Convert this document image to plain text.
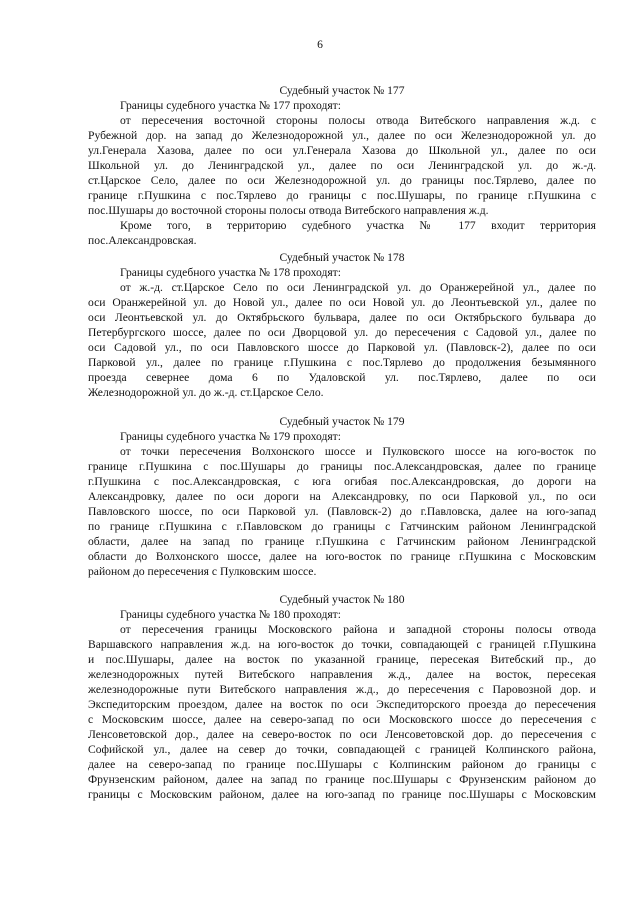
6
Судебный участок № 177
Границы судебного участка № 177 проходят:
от пересечения восточной стороны полосы отвода Витебского направления ж.д. с
Рубежной дор. на запад до Железнодорожной ул., далее по оси Железнодорожной ул. до
ул.Генерала Хазова, далее по оси ул.Генерала Хазова до Школьной ул., далее по оси
Школьной ул. до Ленинградской ул., далее по оси Ленинградской ул. до ж.-д.
ст.Царское Село, далее по оси Железнодорожной ул. до границы пос.Тярлево, далее по
границе г.Пушкина с пос.Тярлево до границы с пос.Шушары, по границе г.Пушкина с
пос.Шушары до восточной стороны полосы отвода Витебского направления ж.д.
Кроме того, в территорию судебного участка № 177 входит территория
пос.Александровская.
Судебный участок № 178
Границы судебного участка № 178 проходят:
от ж.-д. ст.Царское Село по оси Ленинградской ул. до Оранжерейной ул., далее по
оси Оранжерейной ул. до Новой ул., далее по оси Новой ул. до Леонтьевской ул., далее по
оси Леонтьевской ул. до Октябрьского бульвара, далее по оси Октябрьского бульвара до
Петербургского шоссе, далее по оси Дворцовой ул. до пересечения с Садовой ул., далее по
оси Садовой ул., по оси Павловского шоссе до Парковой ул. (Павловск-2), далее по оси
Парковой ул., далее по границе г.Пушкина с пос.Тярлево до продолжения безымянного
проезда севернее дома 6 по Удаловской ул. пос.Тярлево, далее по оси
Железнодорожной ул. до ж.-д. ст.Царское Село.
Судебный участок № 179
Границы судебного участка № 179 проходят:
от точки пересечения Волхонского шоссе и Пулковского шоссе на юго-восток по
границе г.Пушкина с пос.Шушары до границы пос.Александровская, далее по границе
г.Пушкина с пос.Александровская, с юга огибая пос.Александровская, до дороги на
Александровку, далее по оси дороги на Александровку, по оси Парковой ул., по оси
Павловского шоссе, по оси Парковой ул. (Павловск-2) до г.Павловска, далее на юго-запад
по границе г.Пушкина с г.Павловском до границы с Гатчинским районом Ленинградской
области, далее на запад по границе г.Пушкина с Гатчинским районом Ленинградской
области до Волхонского шоссе, далее на юго-восток по границе г.Пушкина с Московским
районом до пересечения с Пулковским шоссе.
Судебный участок № 180
Границы судебного участка № 180 проходят:
от пересечения границы Московского района и западной стороны полосы отвода
Варшавского направления ж.д. на юго-восток до точки, совпадающей с границей г.Пушкина
и пос.Шушары, далее на восток по указанной границе, пересекая Витебский пр., до
железнодорожных путей Витебского направления ж.д., далее на восток, пересекая
железнодорожные пути Витебского направления ж.д., до пересечения с Паровозной дор. и
Экспедиторским проездом, далее на восток по оси Экспедиторского проезда до пересечения
с Московским шоссе, далее на северо-запад по оси Московского шоссе до пересечения с
Ленсоветовской дор., далее на северо-восток по оси Ленсоветовской дор. до пересечения с
Софийской ул., далее на север до точки, совпадающей с границей Колпинского района,
далее на северо-запад по границе пос.Шушары с Колпинским районом до границы с
Фрунзенским районом, далее на запад по границе пос.Шушары с Фрунзенским районом до
границы с Московским районом, далее на юго-запад по границе пос.Шушары с Московским
